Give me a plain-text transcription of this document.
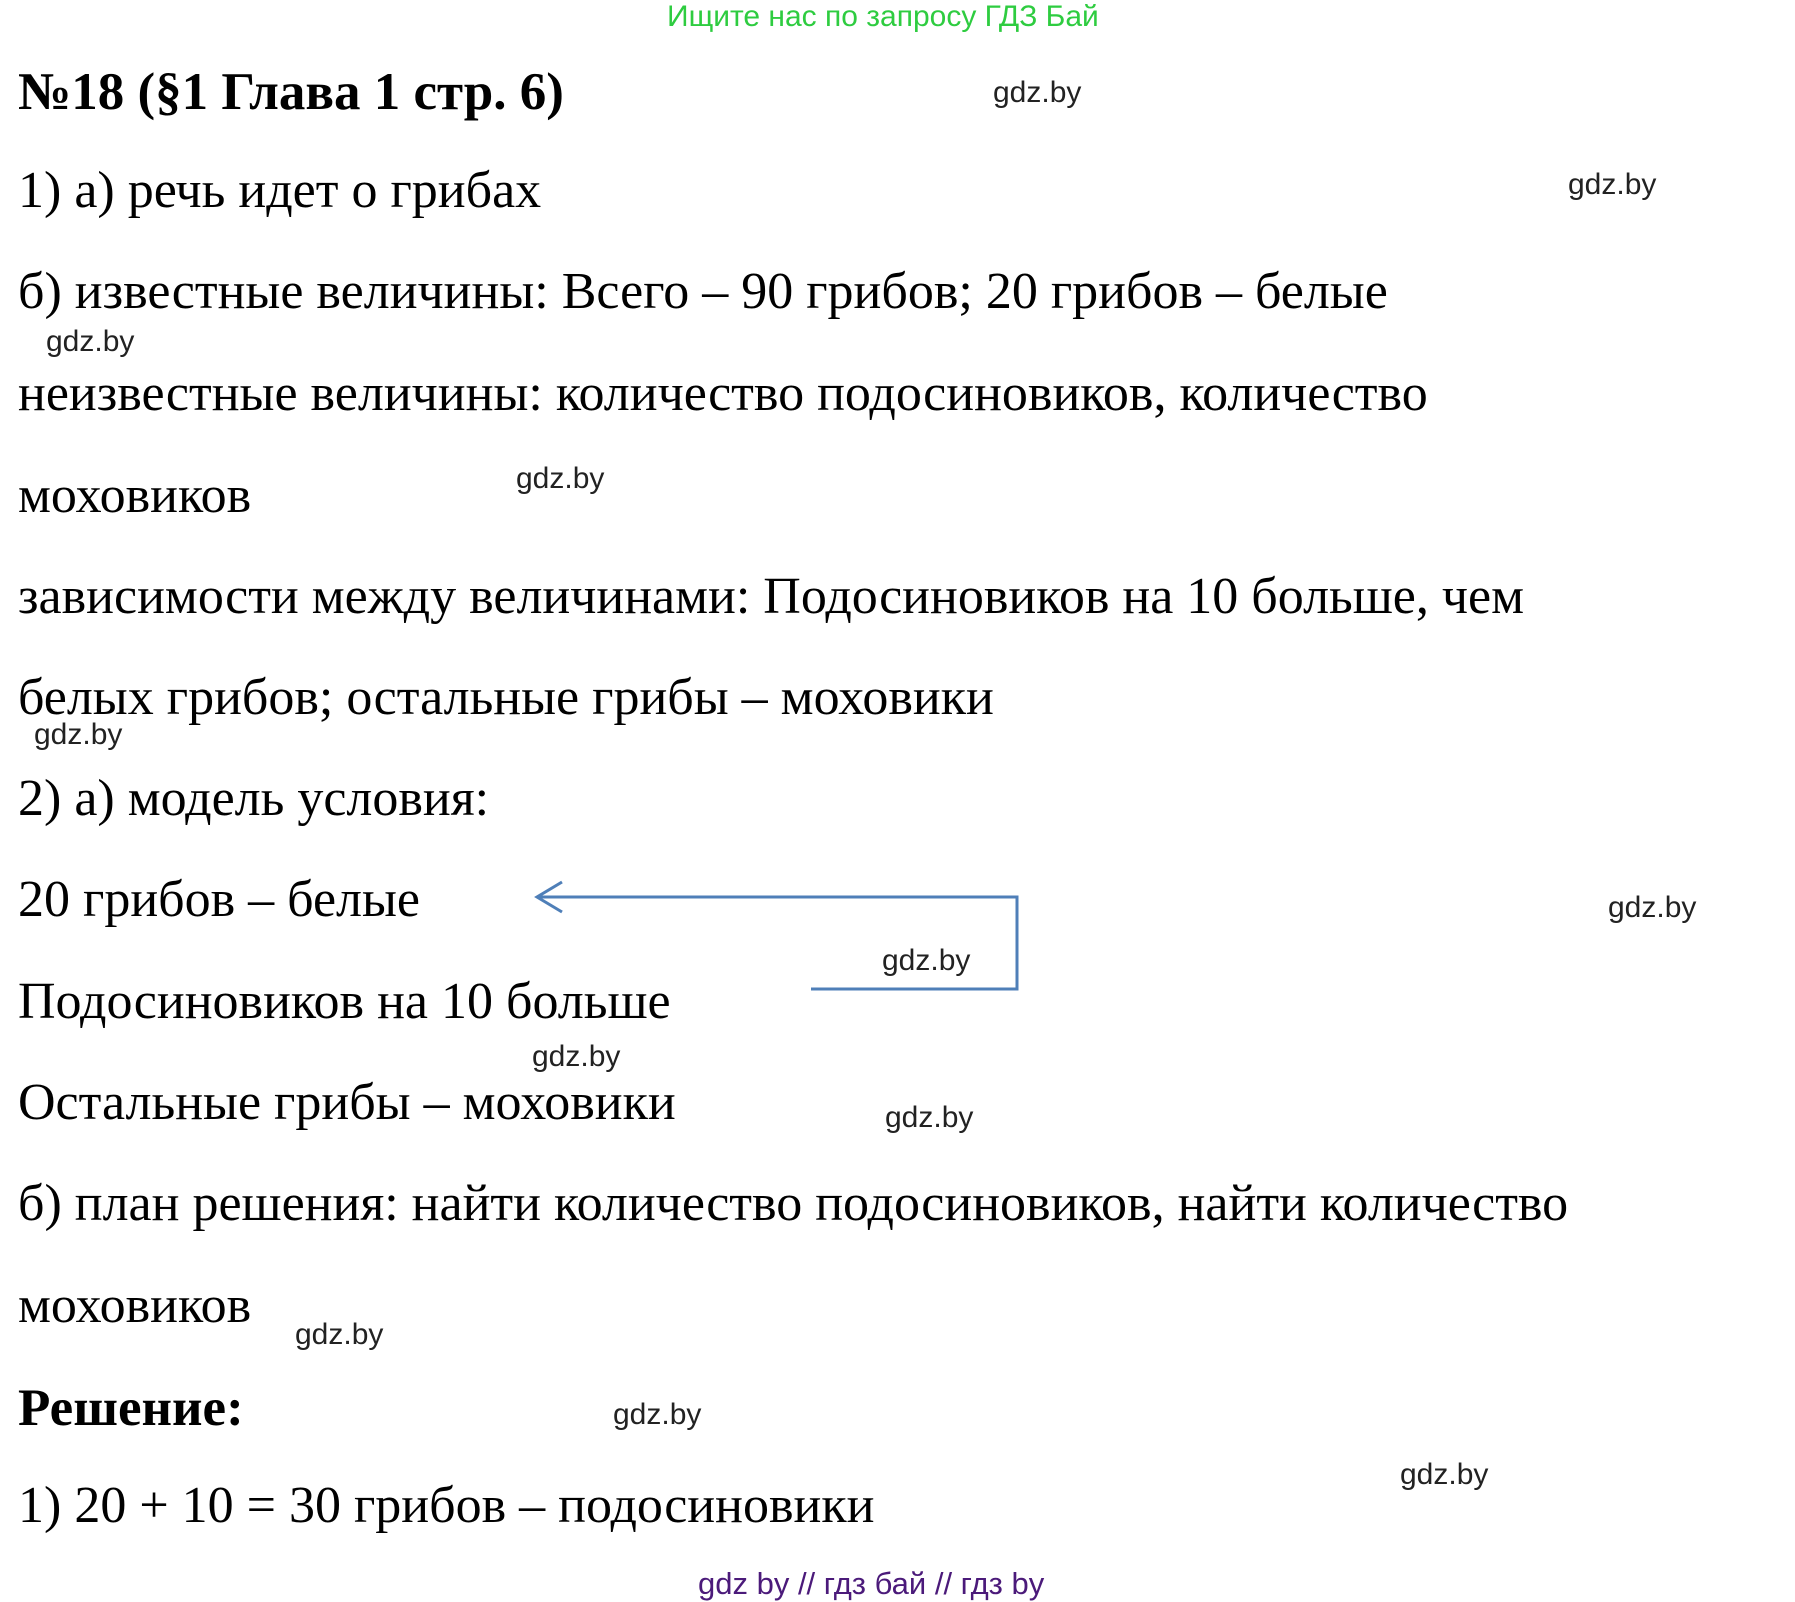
Ищите нас по запросу ГДЗ Бай
№18 (§1 Глава 1 стр. 6)
1) а) речь идет о грибах
б) известные величины: Всего – 90 грибов; 20 грибов – белые
неизвестные величины: количество подосиновиков, количество
моховиков
зависимости между величинами: Подосиновиков на 10 больше, чем
белых грибов; остальные грибы – моховики
2) а) модель условия:
20 грибов – белые
Подосиновиков на 10 больше
Остальные грибы – моховики
б) план решения: найти количество подосиновиков, найти количество
моховиков
Решение:
1) 20 + 10 = 30 грибов – подосиновики
gdz.by
gdz.by
gdz.by
gdz.by
gdz.by
gdz.by
gdz.by
gdz.by
gdz.by
gdz.by
gdz.by
gdz.by
gdz by // гдз бай // гдз by
